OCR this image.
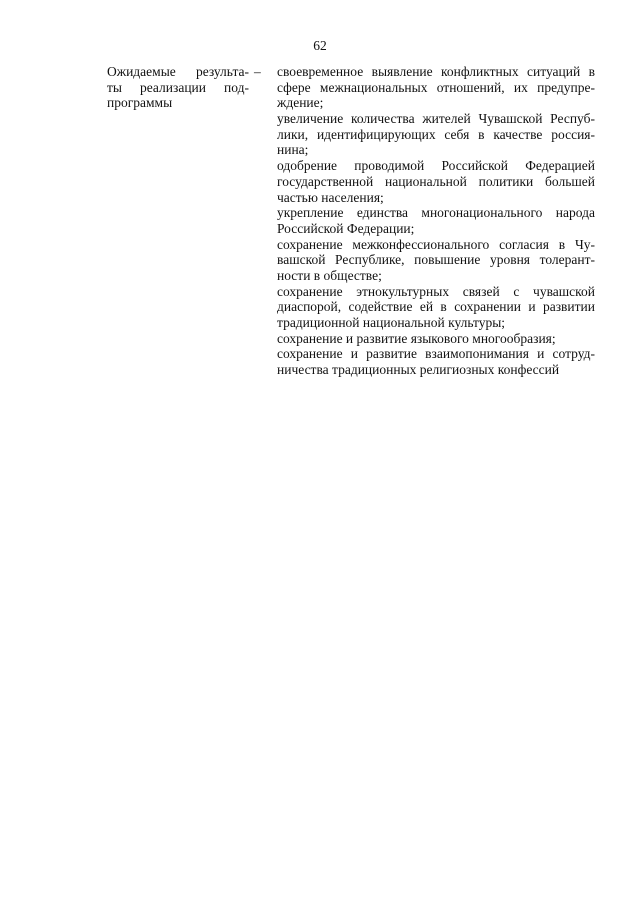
62
Ожидаемые результа-
ты реализации под-
программы
– своевременное выявление конфликтных ситуаций в
сфере межнациональных отношений, их предупре-
ждение;
увеличение количества жителей Чувашской Респуб-
лики, идентифицирующих себя в качестве россия-
нина;
одобрение проводимой Российской Федерацией
государственной национальной политики большей
частью населения;
укрепление единства многонационального народа
Российской Федерации;
сохранение межконфессионального согласия в Чу-
вашской Республике, повышение уровня толерант-
ности в обществе;
сохранение этнокультурных связей с чувашской
диаспорой, содействие ей в сохранении и развитии
традиционной национальной культуры;
сохранение и развитие языкового многообразия;
сохранение и развитие взаимопонимания и сотруд-
ничества традиционных религиозных конфессий
